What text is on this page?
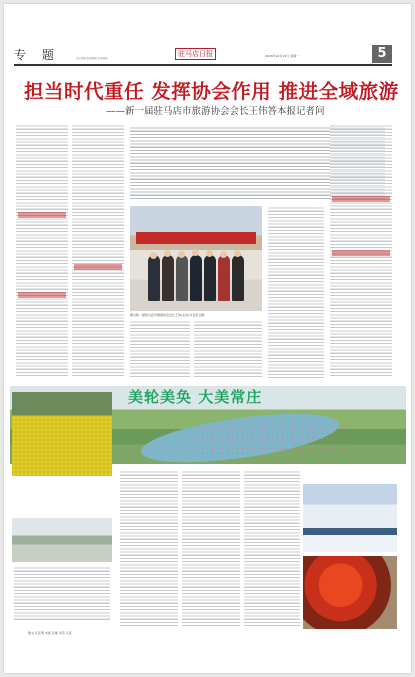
专 题	责任编辑 版面编辑 美编编辑
驻马店日报	2018年10月15日 星期一	5
担当时代重任 发挥协会作用 推进全域旅游
——新一届驻马店市旅游协会会长王伟答本报记者问
图为新一届驻马店市旅游协会会长王伟(左四)与会员合影。
美轮美奂 大美常庄
图文 汪佳明 本版 张维 审签 马某
